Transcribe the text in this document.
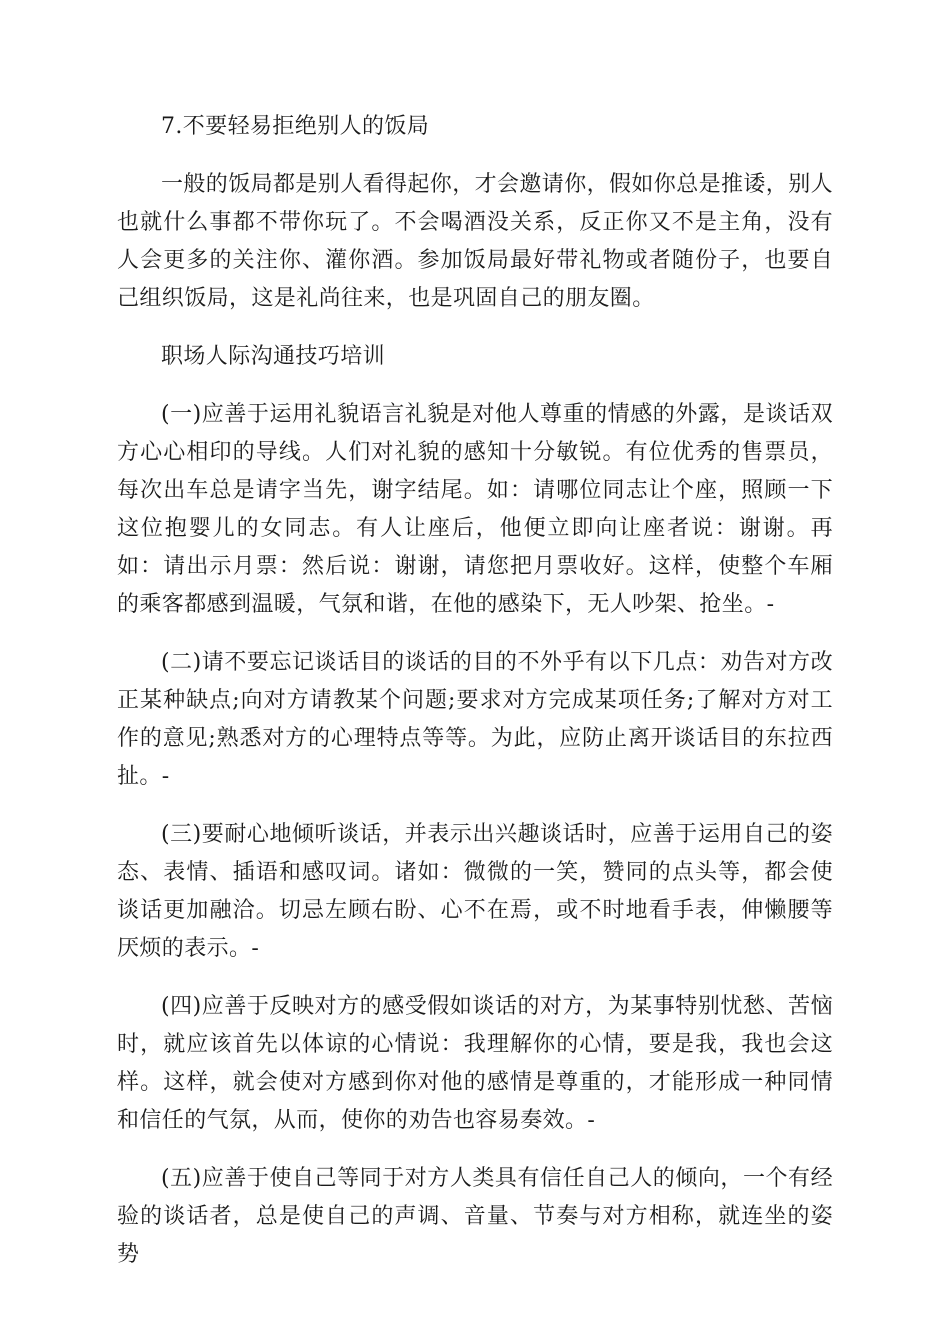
7.不要轻易拒绝别人的饭局

一般的饭局都是别人看得起你，才会邀请你，假如你总是推诿，别人也就什么事都不带你玩了。不会喝酒没关系，反正你又不是主角，没有人会更多的关注你、灌你酒。参加饭局最好带礼物或者随份子，也要自己组织饭局，这是礼尚往来，也是巩固自己的朋友圈。

职场人际沟通技巧培训

(一)应善于运用礼貌语言礼貌是对他人尊重的情感的外露，是谈话双方心心相印的导线。人们对礼貌的感知十分敏锐。有位优秀的售票员，每次出车总是请字当先，谢字结尾。如：请哪位同志让个座，照顾一下这位抱婴儿的女同志。有人让座后，他便立即向让座者说：谢谢。再如：请出示月票：然后说：谢谢，请您把月票收好。这样，使整个车厢的乘客都感到温暖，气氛和谐，在他的感染下，无人吵架、抢坐。-

(二)请不要忘记谈话目的谈话的目的不外乎有以下几点：劝告对方改正某种缺点;向对方请教某个问题;要求对方完成某项任务;了解对方对工作的意见;熟悉对方的心理特点等等。为此，应防止离开谈话目的东拉西扯。-

(三)要耐心地倾听谈话，并表示出兴趣谈话时，应善于运用自己的姿态、表情、插语和感叹词。诸如：微微的一笑，赞同的点头等，都会使谈话更加融洽。切忌左顾右盼、心不在焉，或不时地看手表，伸懒腰等厌烦的表示。-

(四)应善于反映对方的感受假如谈话的对方，为某事特别忧愁、苦恼时，就应该首先以体谅的心情说：我理解你的心情，要是我，我也会这样。这样，就会使对方感到你对他的感情是尊重的，才能形成一种同情和信任的气氛，从而，使你的劝告也容易奏效。-

(五)应善于使自己等同于对方人类具有信任自己人的倾向，一个有经验的谈话者，总是使自己的声调、音量、节奏与对方相称，就连坐的姿势
